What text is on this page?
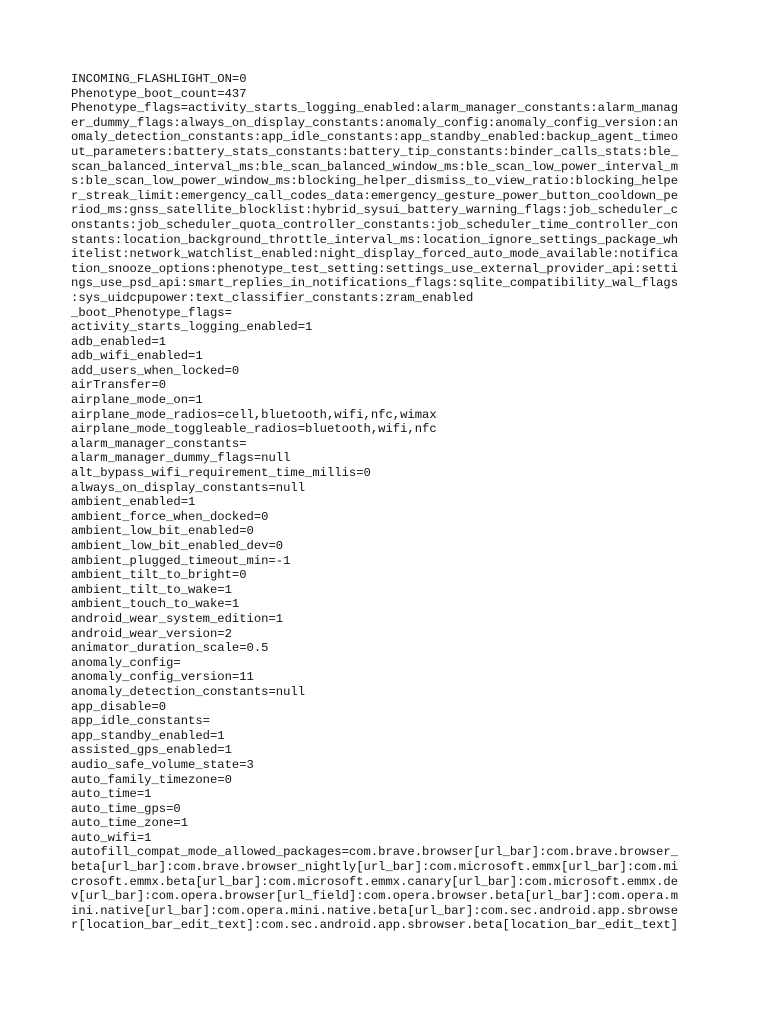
INCOMING_FLASHLIGHT_ON=0
Phenotype_boot_count=437
Phenotype_flags=activity_starts_logging_enabled:alarm_manager_constants:alarm_manag
er_dummy_flags:always_on_display_constants:anomaly_config:anomaly_config_version:an
omaly_detection_constants:app_idle_constants:app_standby_enabled:backup_agent_timeo
ut_parameters:battery_stats_constants:battery_tip_constants:binder_calls_stats:ble_
scan_balanced_interval_ms:ble_scan_balanced_window_ms:ble_scan_low_power_interval_m
s:ble_scan_low_power_window_ms:blocking_helper_dismiss_to_view_ratio:blocking_helpe
r_streak_limit:emergency_call_codes_data:emergency_gesture_power_button_cooldown_pe
riod_ms:gnss_satellite_blocklist:hybrid_sysui_battery_warning_flags:job_scheduler_c
onstants:job_scheduler_quota_controller_constants:job_scheduler_time_controller_con
stants:location_background_throttle_interval_ms:location_ignore_settings_package_wh
itelist:network_watchlist_enabled:night_display_forced_auto_mode_available:notifica
tion_snooze_options:phenotype_test_setting:settings_use_external_provider_api:setti
ngs_use_psd_api:smart_replies_in_notifications_flags:sqlite_compatibility_wal_flags
:sys_uidcpupower:text_classifier_constants:zram_enabled
_boot_Phenotype_flags=
activity_starts_logging_enabled=1
adb_enabled=1
adb_wifi_enabled=1
add_users_when_locked=0
airTransfer=0
airplane_mode_on=1
airplane_mode_radios=cell,bluetooth,wifi,nfc,wimax
airplane_mode_toggleable_radios=bluetooth,wifi,nfc
alarm_manager_constants=
alarm_manager_dummy_flags=null
alt_bypass_wifi_requirement_time_millis=0
always_on_display_constants=null
ambient_enabled=1
ambient_force_when_docked=0
ambient_low_bit_enabled=0
ambient_low_bit_enabled_dev=0
ambient_plugged_timeout_min=-1
ambient_tilt_to_bright=0
ambient_tilt_to_wake=1
ambient_touch_to_wake=1
android_wear_system_edition=1
android_wear_version=2
animator_duration_scale=0.5
anomaly_config=
anomaly_config_version=11
anomaly_detection_constants=null
app_disable=0
app_idle_constants=
app_standby_enabled=1
assisted_gps_enabled=1
audio_safe_volume_state=3
auto_family_timezone=0
auto_time=1
auto_time_gps=0
auto_time_zone=1
auto_wifi=1
autofill_compat_mode_allowed_packages=com.brave.browser[url_bar]:com.brave.browser_
beta[url_bar]:com.brave.browser_nightly[url_bar]:com.microsoft.emmx[url_bar]:com.mi
crosoft.emmx.beta[url_bar]:com.microsoft.emmx.canary[url_bar]:com.microsoft.emmx.de
v[url_bar]:com.opera.browser[url_field]:com.opera.browser.beta[url_bar]:com.opera.m
ini.native[url_bar]:com.opera.mini.native.beta[url_bar]:com.sec.android.app.sbrowse
r[location_bar_edit_text]:com.sec.android.app.sbrowser.beta[location_bar_edit_text]
